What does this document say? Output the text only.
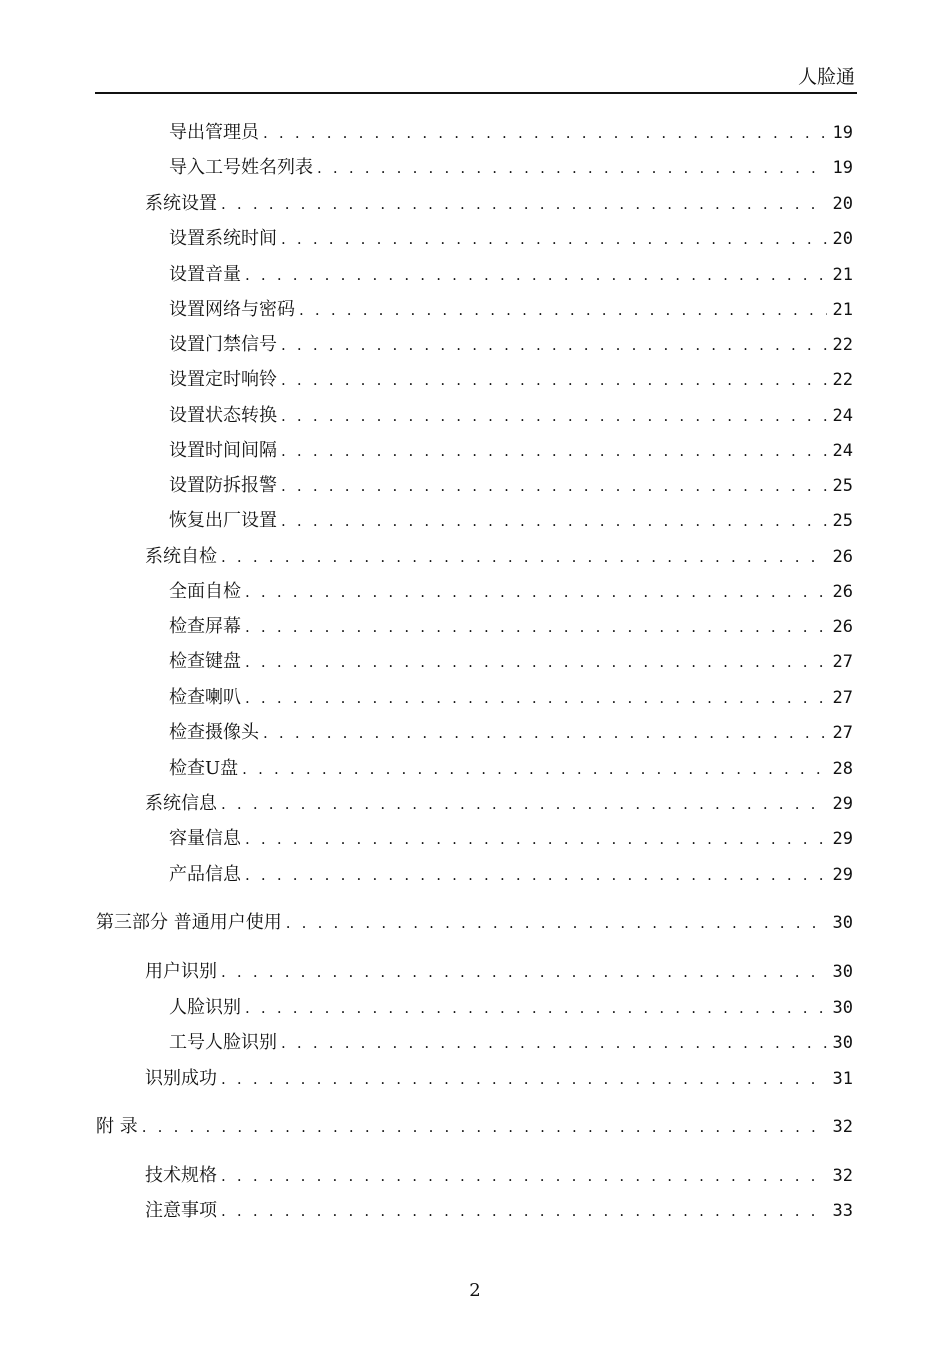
人脸通
导出管理员 . . .	19
导入工号姓名列表 . . .	19
系统设置 . . .	20
设置系统时间 . . .	20
设置音量 . . .	21
设置网络与密码 . . .	21
设置门禁信号 . . .	22
设置定时响铃 . . .	22
设置状态转换 . . .	24
设置时间间隔 . . .	24
设置防拆报警 . . .	25
恢复出厂设置 . . .	25
系统自检 . . .	26
全面自检 . . .	26
检查屏幕 . . .	26
检查键盘 . . .	27
检查喇叭 . . .	27
检查摄像头 . . .	27
检查U盘 . . .	28
系统信息 . . .	29
容量信息 . . .	29
产品信息 . . .	29
第三部分 普通用户使用 . . .	30
用户识别 . . .	30
人脸识别 . . .	30
工号人脸识别 . . .	30
识别成功 . . .	31
附 录 . . .	32
技术规格 . . .	32
注意事项 . . .	33
2
